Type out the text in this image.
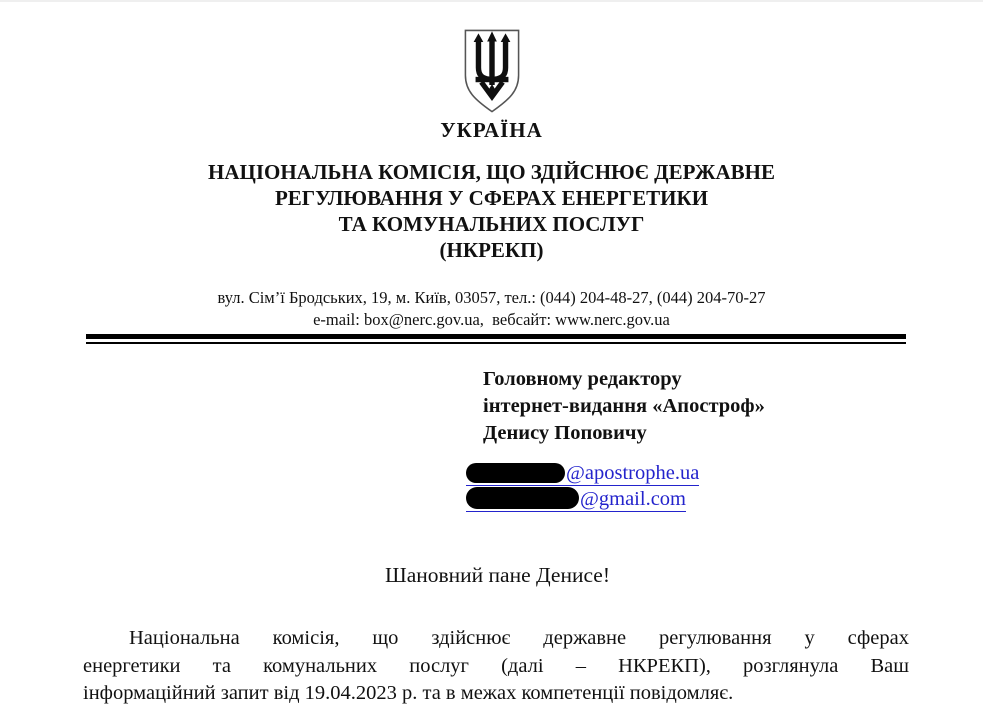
УКРАЇНА
НАЦІОНАЛЬНА КОМІСІЯ, ЩО ЗДІЙСНЮЄ ДЕРЖАВНЕ
РЕГУЛЮВАННЯ У СФЕРАХ ЕНЕРГЕТИКИ
ТА КОМУНАЛЬНИХ ПОСЛУГ
(НКРЕКП)
вул. Сім’ї Бродських, 19, м. Київ, 03057, тел.: (044) 204-48-27, (044) 204-70-27
e-mail: box@nerc.gov.ua,  вебсайт: www.nerc.gov.ua
Головному редактору
інтернет-видання «Апостроф»
Денису Поповичу
@apostrophe.ua
@gmail.com
Шановний пане Денисе!
Національна комісія, що здійснює державне регулювання у сферах
енергетики та комунальних послуг (далі – НКРЕКП), розглянула Ваш
інформаційний запит від 19.04.2023 р. та в межах компетенції повідомляє.
